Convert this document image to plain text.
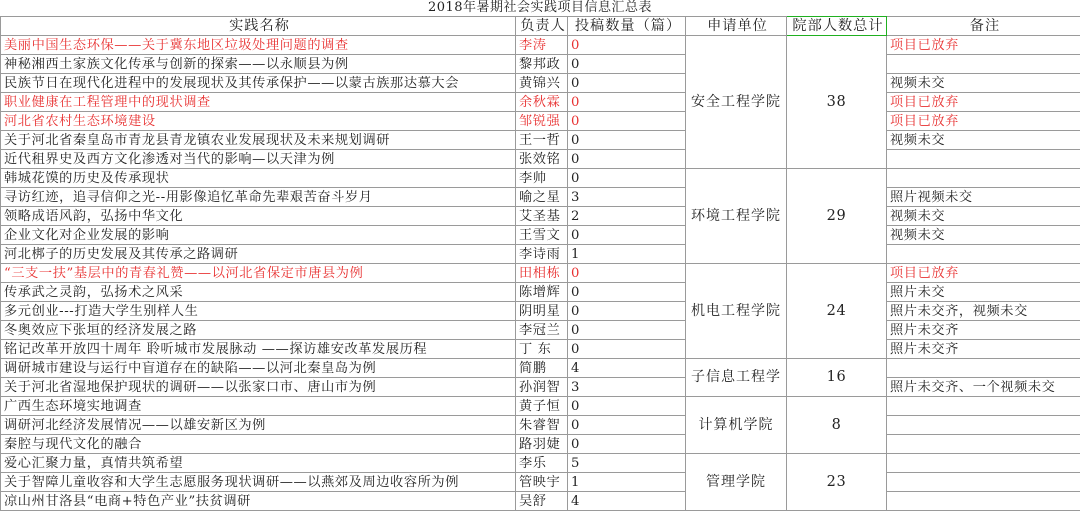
2018年暑期社会实践项目信息汇总表
实践名称	负责人	投稿数量（篇）	申请单位	院部人数总计	备注
美丽中国生态环保——关于冀东地区垃圾处理问题的调查	李涛	0	安全工程学院	38	项目已放弃
神秘湘西土家族文化传承与创新的探索——以永顺县为例	黎邦政	0			
民族节日在现代化进程中的发展现状及其传承保护——以蒙古族那达慕大会	黄锦兴	0			视频未交
职业健康在工程管理中的现状调查	余秋霖	0			项目已放弃
河北省农村生态环境建设	邹锐强	0			项目已放弃
关于河北省秦皇岛市青龙县青龙镇农业发展现状及未来规划调研	王一哲	0			视频未交
近代租界史及西方文化渗透对当代的影响—以天津为例	张效铭	0			
韩城花馍的历史及传承现状	李帅	0	环境工程学院	29	
寻访红迹，追寻信仰之光--用影像追忆革命先辈艰苦奋斗岁月	喻之星	3			照片视频未交
领略成语风韵，弘扬中华文化	艾圣基	2			视频未交
企业文化对企业发展的影响	王雪文	0			视频未交
河北梆子的历史发展及其传承之路调研	李诗雨	1			
“三支一扶”基层中的青春礼赞——以河北省保定市唐县为例	田相栋	0	机电工程学院	24	项目已放弃
传承武之灵韵，弘扬术之风采	陈增辉	0			照片未交
多元创业---打造大学生别样人生	阴明星	0			照片未交齐，视频未交
冬奥效应下张垣的经济发展之路	李冠兰	0			照片未交齐
铭记改革开放四十周年 聆听城市发展脉动 ——探访雄安改革发展历程	丁 东	0			照片未交齐
调研城市建设与运行中盲道存在的缺陷——以河北秦皇岛为例	简鹏	4	子信息工程学	16	
关于河北省湿地保护现状的调研——以张家口市、唐山市为例	孙润智	3			照片未交齐、一个视频未交
广西生态环境实地调查	黄子恒	0	计算机学院	8	
调研河北经济发展情况——以雄安新区为例	朱睿智	0			
秦腔与现代文化的融合	路羽婕	0			
爱心汇聚力量，真情共筑希望	李乐	5	管理学院	23	
关于智障儿童收容和大学生志愿服务现状调研——以燕郊及周边收容所为例	管映宇	1			
凉山州甘洛县“电商+特色产业”扶贫调研	吴舒	4			
